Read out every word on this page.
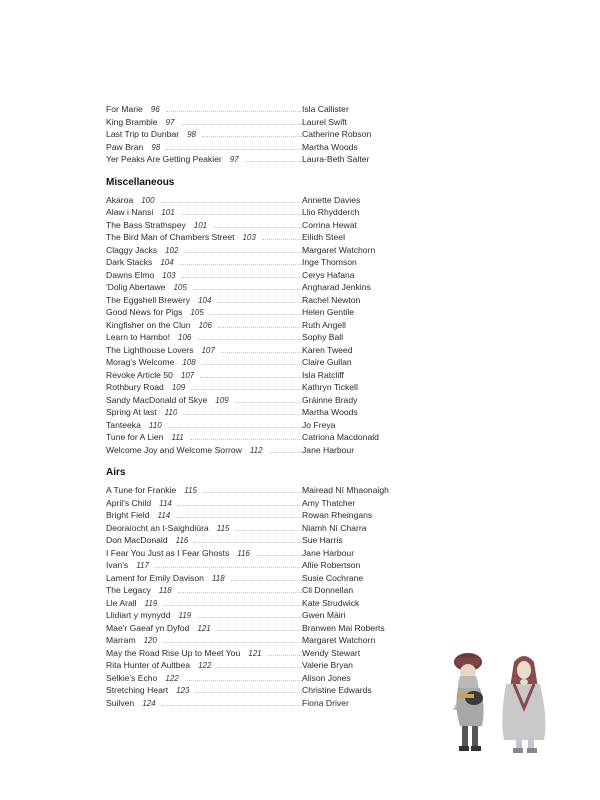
For Marie 96	Isla Callister
King Bramble 97	Laurel Swift
Last Trip to Dunbar 98	Catherine Robson
Paw Bran 98	Martha Woods
Yer Peaks Are Getting Peakier 97	Laura-Beth Salter
Miscellaneous
Akaroa 100	Annette Davies
Alaw i Nansi 101	Llio Rhydderch
The Bass Strathspey 101	Corrina Hewat
The Bird Man of Chambers Street 103	Eilidh Steel
Claggy Jacks 102	Margaret Watchorn
Dark Stacks 104	Inge Thomson
Dawns Elmo 103	Cerys Hafana
'Dolig Abertawe 105	Angharad Jenkins
The Eggshell Brewery 104	Rachel Newton
Good News for Pigs 105	Helen Gentile
Kingfisher on the Clun 106	Ruth Angell
Learn to Hambo! 106	Sophy Ball
The Lighthouse Lovers 107	Karen Tweed
Morag's Welcome 108	Claire Gullan
Revoke Article 50 107	Isla Ratcliff
Rothbury Road 109	Kathryn Tickell
Sandy MacDonald of Skye 109	Gráinne Brady
Spring At last 110	Martha Woods
Tanteeka 110	Jo Freya
Tune for A Lien 111	Catriona Macdonald
Welcome Joy and Welcome Sorrow 112	Jane Harbour
Airs
A Tune for Frankie 115	Mairead Ní Mhaonaigh
April's Child 114	Amy Thatcher
Bright Field 114	Rowan Rheingans
Deoraíocht an t-Saighdiúra 115	Niamh Ní Charra
Don MacDonald 116	Sue Harris
I Fear You Just as I Fear Ghosts 116	Jane Harbour
Ivan's 117	Allie Robertson
Lament for Emily Davison 118	Susie Cochrane
The Legacy 118	Cli Donnellan
Lle Arall 119	Kate Strudwick
Llidiart y mynydd 119	Gwen Màiri
Mae'r Gaeaf yn Dyfod 121	Branwen Mai Roberts
Marram 120	Margaret Watchorn
May the Road Rise Up to Meet You 121	Wendy Stewart
Rita Hunter of Aultbea 122	Valerie Bryan
Selkie's Echo 122	Alison Jones
Stretching Heart 123	Christine Edwards
Suilven 124	Fiona Driver
